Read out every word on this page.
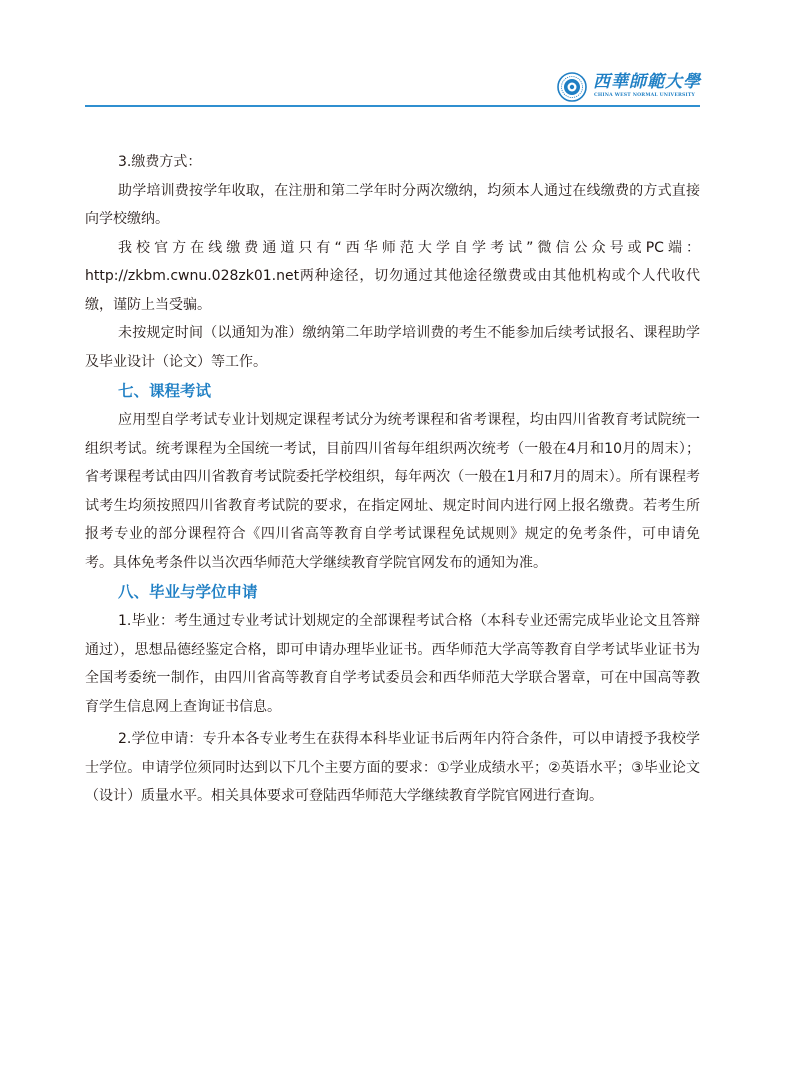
西華師範大學
CHINA WEST NORMAL UNIVERSITY

3.缴费方式：

助学培训费按学年收取，在注册和第二学年时分两次缴纳，均须本人通过在线缴费的方式直接向学校缴纳。

我校官方在线缴费通道只有“西华师范大学自学考试”微信公众号或PC端：http://zkbm.cwnu.028zk01.net两种途径，切勿通过其他途径缴费或由其他机构或个人代收代缴，谨防上当受骗。

未按规定时间（以通知为准）缴纳第二年助学培训费的考生不能参加后续考试报名、课程助学及毕业设计（论文）等工作。

七、课程考试

应用型自学考试专业计划规定课程考试分为统考课程和省考课程，均由四川省教育考试院统一组织考试。统考课程为全国统一考试，目前四川省每年组织两次统考（一般在4月和10月的周末）；省考课程考试由四川省教育考试院委托学校组织，每年两次（一般在1月和7月的周末）。所有课程考试考生均须按照四川省教育考试院的要求，在指定网址、规定时间内进行网上报名缴费。若考生所报考专业的部分课程符合《四川省高等教育自学考试课程免试规则》规定的免考条件，可申请免考。具体免考条件以当次西华师范大学继续教育学院官网发布的通知为准。

八、毕业与学位申请

1.毕业：考生通过专业考试计划规定的全部课程考试合格（本科专业还需完成毕业论文且答辩通过），思想品德经鉴定合格，即可申请办理毕业证书。西华师范大学高等教育自学考试毕业证书为全国考委统一制作，由四川省高等教育自学考试委员会和西华师范大学联合署章，可在中国高等教育学生信息网上查询证书信息。

2.学位申请：专升本各专业考生在获得本科毕业证书后两年内符合条件，可以申请授予我校学士学位。申请学位须同时达到以下几个主要方面的要求：①学业成绩水平；②英语水平；③毕业论文（设计）质量水平。相关具体要求可登陆西华师范大学继续教育学院官网进行查询。
